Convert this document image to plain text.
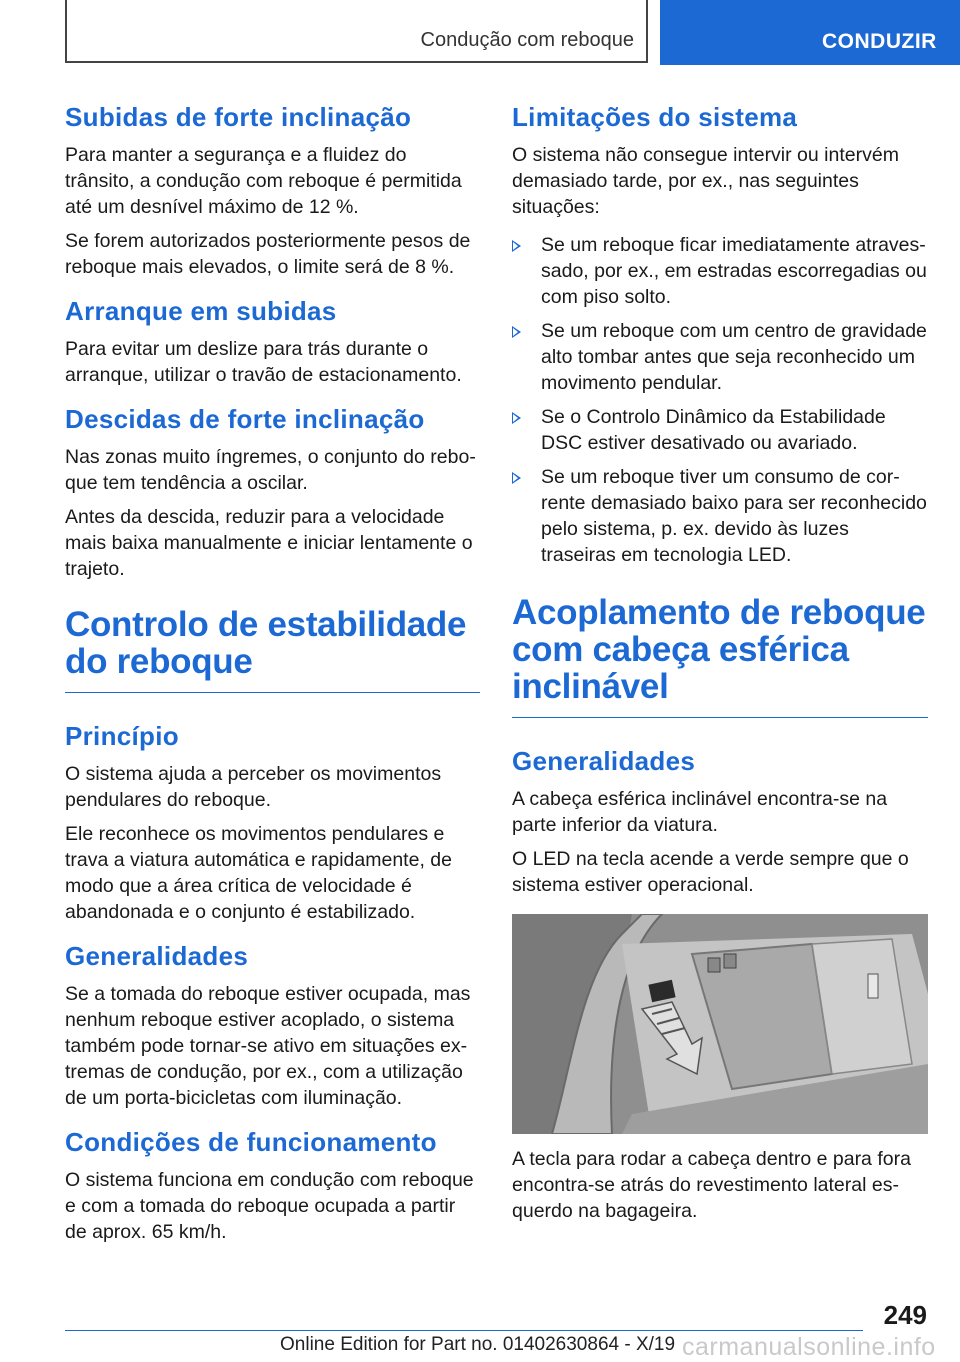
Condução com reboque	CONDUZIR
Subidas de forte inclinação

Para manter a segurança e a fluidez do trânsito, a condução com reboque é permitida até um desnível máximo de 12 %.

Se forem autorizados posteriormente pesos de reboque mais elevados, o limite será de 8 %.

Arranque em subidas

Para evitar um deslize para trás durante o arranque, utilizar o travão de estacionamento.

Descidas de forte inclinação

Nas zonas muito íngremes, o conjunto do reboque tem tendência a oscilar.

Antes da descida, reduzir para a velocidade mais baixa manualmente e iniciar lentamente o trajeto.

Controlo de estabilidade do reboque
Princípio

O sistema ajuda a perceber os movimentos pendulares do reboque.

Ele reconhece os movimentos pendulares e trava a viatura automática e rapidamente, de modo que a área crítica de velocidade é abandonada e o conjunto é estabilizado.

Generalidades

Se a tomada do reboque estiver ocupada, mas nenhum reboque estiver acoplado, o sistema também pode tornar-se ativo em situações extremas de condução, por ex., com a utilização de um porta-bicicletas com iluminação.

Condições de funcionamento

O sistema funciona em condução com reboque e com a tomada do reboque ocupada a partir de aprox. 65 km/h.

Limitações do sistema

O sistema não consegue intervir ou intervém demasiado tarde, por ex., nas seguintes situações:

Se um reboque ficar imediatamente atravessado, por ex., em estradas escorregadias ou com piso solto.
Se um reboque com um centro de gravidade alto tombar antes que seja reconhecido um movimento pendular.
Se o Controlo Dinâmico da Estabilidade DSC estiver desativado ou avariado.
Se um reboque tiver um consumo de corrente demasiado baixo para ser reconhecido pelo sistema, p. ex. devido às luzes traseiras em tecnologia LED.
Acoplamento de reboque com cabeça esférica inclinável
Generalidades

A cabeça esférica inclinável encontra-se na parte inferior da viatura.

O LED na tecla acende a verde sempre que o sistema estiver operacional.

A tecla para rodar a cabeça dentro e para fora encontra-se atrás do revestimento lateral esquerdo na bagageira.

249
Online Edition for Part no. 01402630864 - X/19 carmanualsonline.info
